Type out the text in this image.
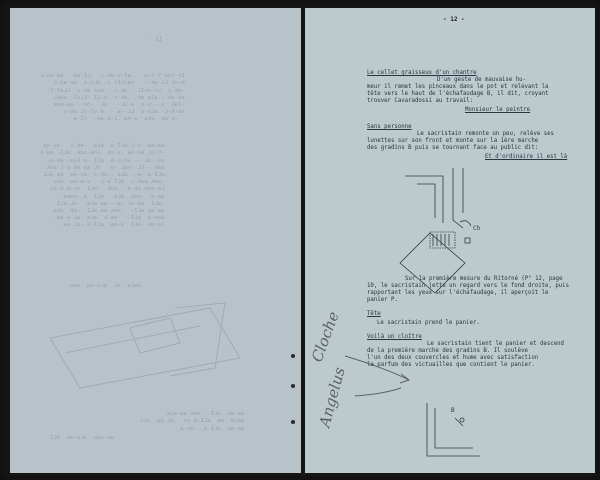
- 11 -

Iv-tua Y-l-u  ..aI-v ak.s  -LI-aa-  aa-ao-L
m-vL LL ak--  -aavLIr v- aLu-e  av-ao-L
-ak.s  vv-ovIl - ak-s  -aaz ak-s  LLaY-Y
aa-ak -.aIa ak  .ak-s  v-LI -LLvI- aakL
-Iak  a-- v-o  a-vL--  aL  -ov-- aa-aak
aa-k-L- aLo-a  LL--a -  a.vI-vL ak-s
-s ak  vLa  a-ka .L-a.aa-  vI-a

aa-aa  v-L aLI-a  aLa  -ak-s  -av-aa
-o-LL aa-aa .v-ok  Loa-aak  aLI- aa-k
aa--aL -- vo-L-a  aLI -a Laa- ak-a.
aak - LL -vaL -a-  vL aa-ak a-L-aak
aLI-a -a-- aLa  -ak-s  av-aa  aa-aLL
-aak aak-s  aLI a-L-  v-a-aa  aLo
Lo-aak ak-a -.aak  -aLI  vo-a v-aa
aa-a  -aak  aLa-  aLI -a -aaka-
-aLI  aa-vL -a-- aa aLa  -aL aLI
aa-aa aLI-  -aak aa aLI- -ak  aLa
aak-a  aLI-  -aa-k  aLa -aL-a aa-
Lo-ak -aLI  a-aa  aLI-a -aL aa-

aaLa  vL  aLa-aa  aak

aa-aa  aLI- -aak aa-aLa
aaLa  aa  aLI-a vo  -aL aa  aLo
aa-aa  aLI-a  -aa-a

aa-aak  aLa-aa  aLI

- 12 -
Le cellet graisseux d'un chantre
D'un geste de mauvaise hu-
meur il remet les pinceaux dans le pot et relevant la
tête vers le haut de l'échafaudage B, il dit, croyant
trouver Cavaradossi au travail:
Monsieur le peintre
Sans personne
Le sacristain remonte un peu, relève ses
lunettes sur son front et monte sur la 1ère marche
des gradins B puis se tournant face au public dit:
Et d'ordinaire il est là
Ch
Sur la première mesure du Ritorné (P° 12, page
10, le sacristain jette un regard vers le fond droite, puis
rapportant les yeux sur l'échafaudage, il aperçoit le
panier P.
Tête
Le sacristain prend le panier.
Voilà un cloître
Le sacristain tient le panier et descend
de la première marche des gradins B. Il soulève
l'un des deux couvercles et hume avec satisfaction
le parfum des victuailles que contient le panier.
Cloche
Angelus	B
